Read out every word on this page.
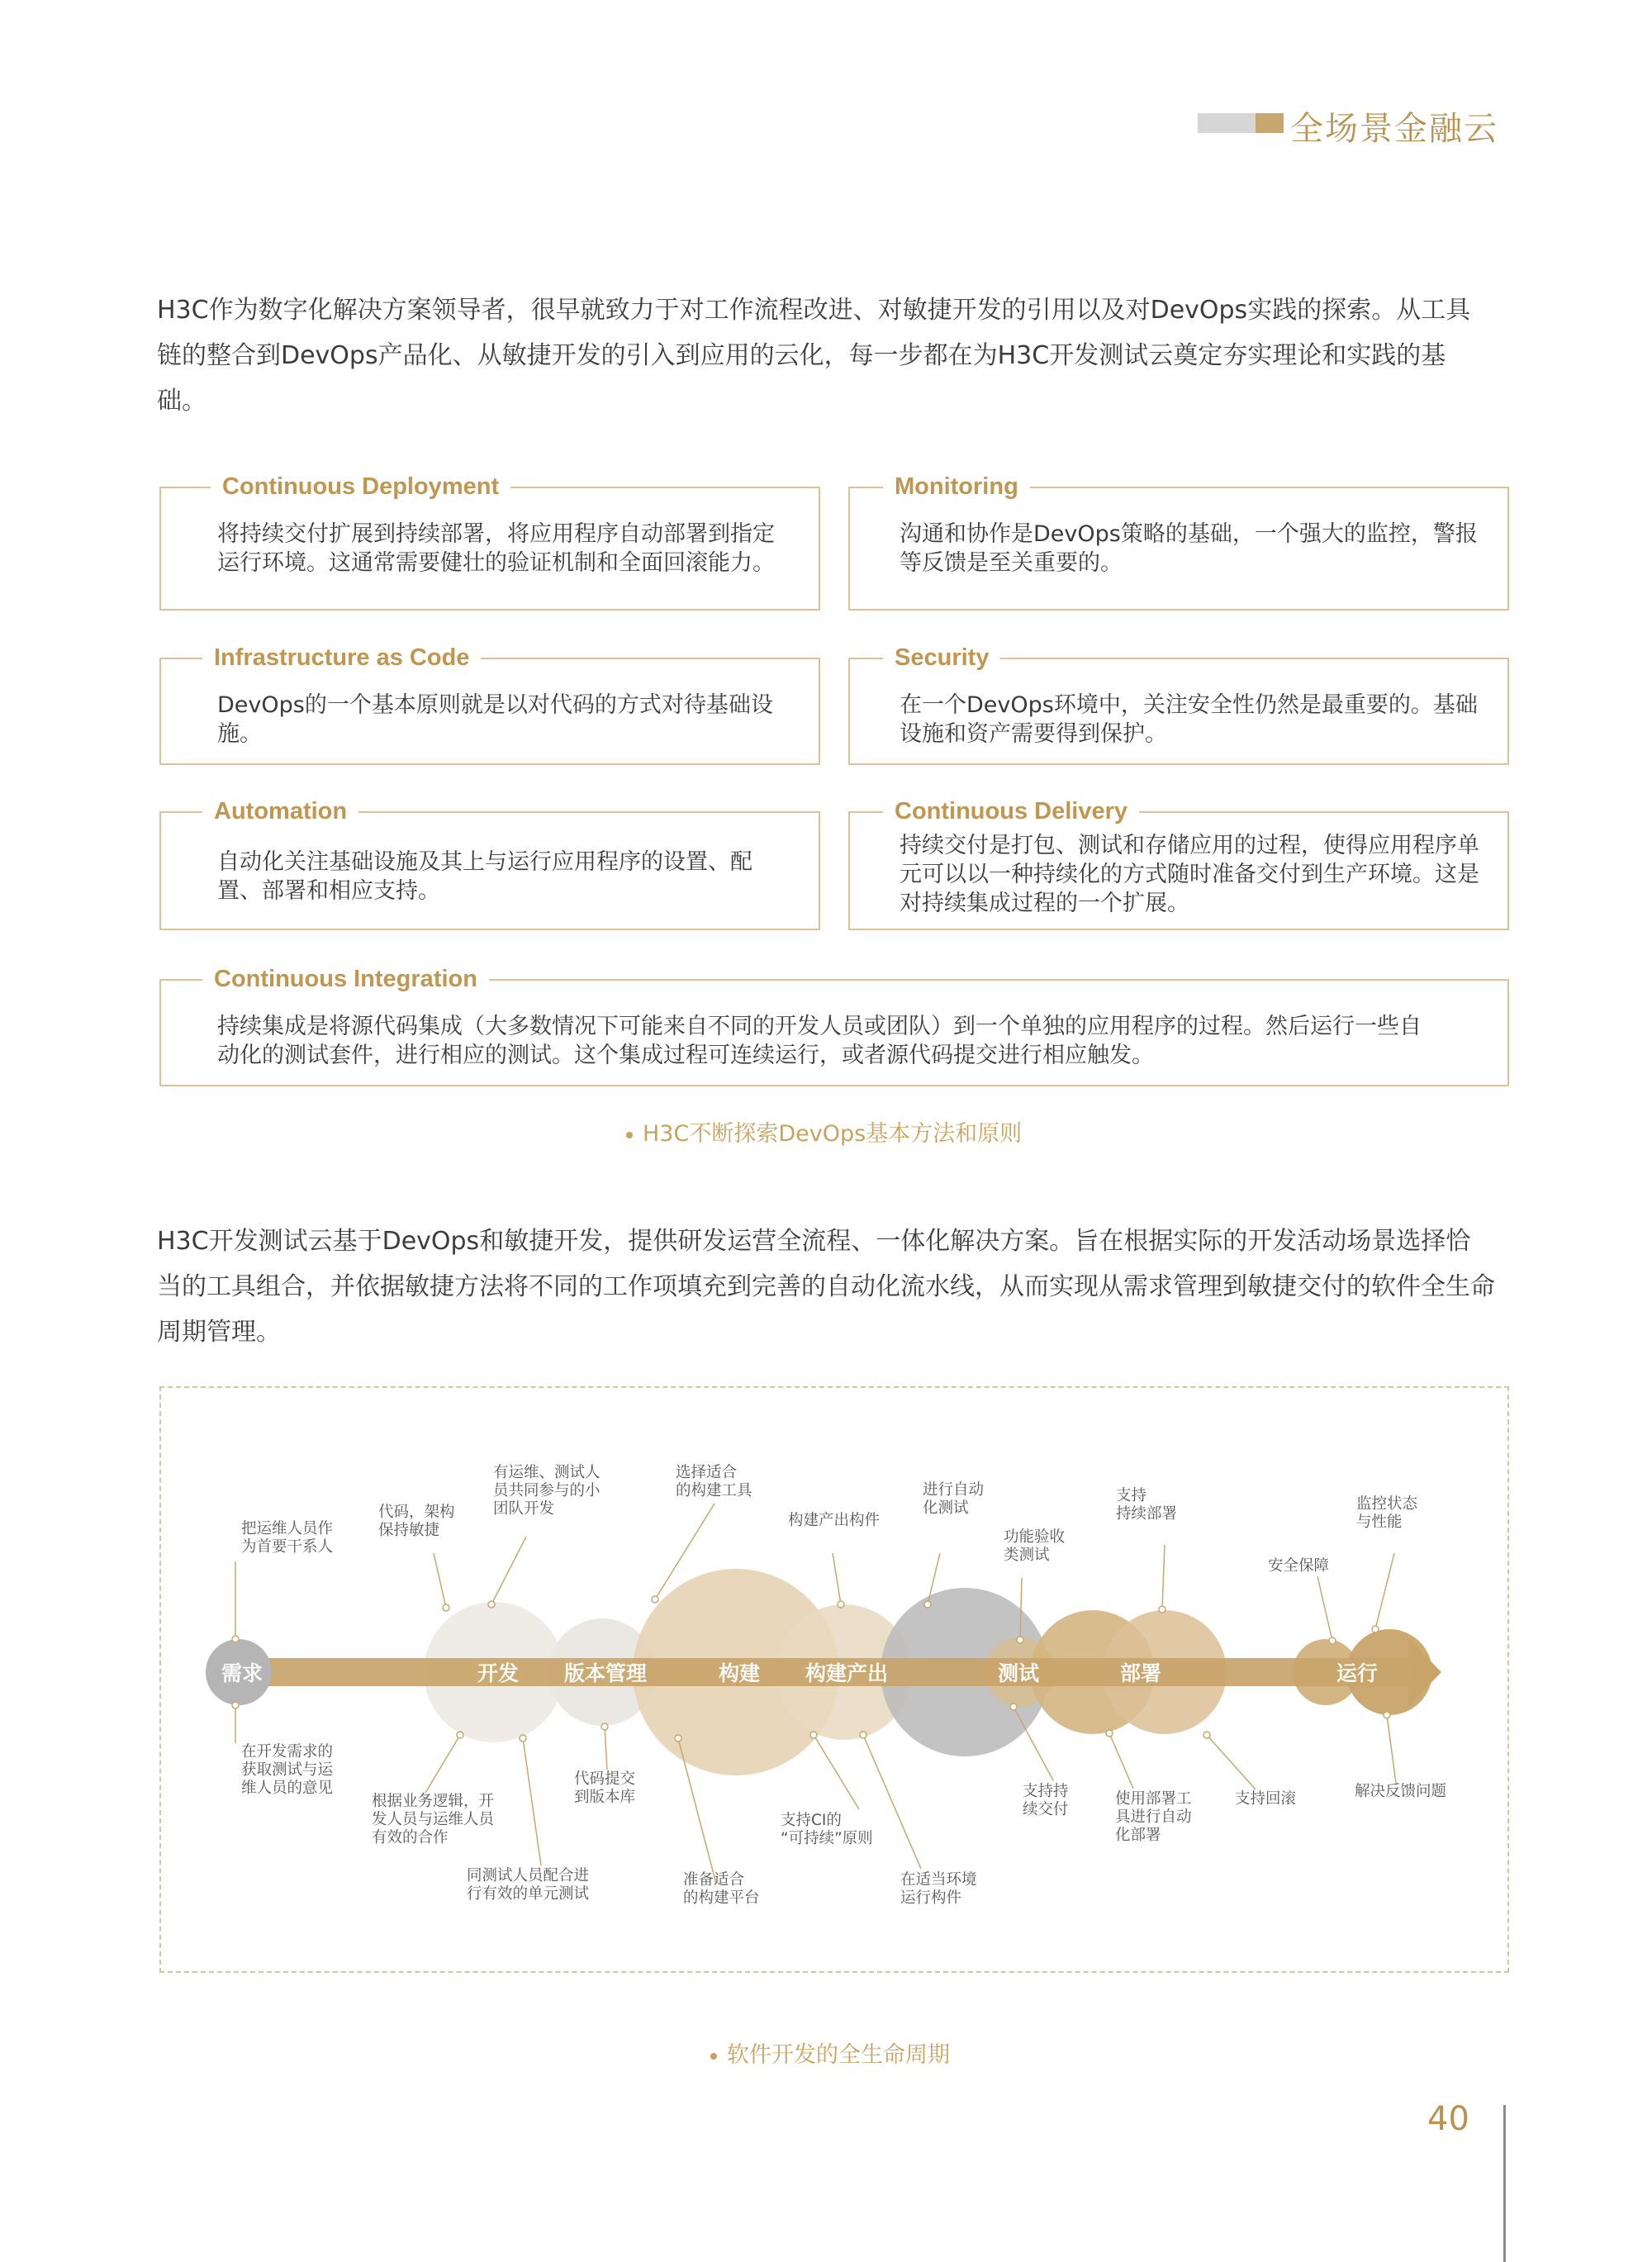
全场景金融云

H3C作为数字化解决方案领导者，很早就致力于对工作流程改进、对敏捷开发的引用以及对DevOps实践的探索。从工具链的整合到DevOps产品化、从敏捷开发的引入到应用的云化，每一步都在为H3C开发测试云奠定夯实理论和实践的基础。

Continuous Deployment

将持续交付扩展到持续部署，将应用程序自动部署到指定运行环境。这通常需要健壮的验证机制和全面回滚能力。

Monitoring

沟通和协作是DevOps策略的基础，一个强大的监控，警报等反馈是至关重要的。

Infrastructure as Code

DevOps的一个基本原则就是以对代码的方式对待基础设施。

Security

在一个DevOps环境中，关注安全性仍然是最重要的。基础设施和资产需要得到保护。

Automation

自动化关注基础设施及其上与运行应用程序的设置、配置、部署和相应支持。

Continuous Delivery

持续交付是打包、测试和存储应用的过程，使得应用程序单元可以以一种持续化的方式随时准备交付到生产环境。这是对持续集成过程的一个扩展。

Continuous Integration

持续集成是将源代码集成（大多数情况下可能来自不同的开发人员或团队）到一个单独的应用程序的过程。然后运行一些自动化的测试套件，进行相应的测试。这个集成过程可连续运行，或者源代码提交进行相应触发。

H3C不断探索DevOps基本方法和原则

H3C开发测试云基于DevOps和敏捷开发，提供研发运营全流程、一体化解决方案。旨在根据实际的开发活动场景选择恰当的工具组合，并依据敏捷方法将不同的工作项填充到完善的自动化流水线，从而实现从需求管理到敏捷交付的软件全生命周期管理。

需求	开发 版本管理	构建 构建产出	测试	部署	运行
把运维人员作
为首要干系人
代码，架构
保持敏捷
有运维、测试人
员共同参与的小
团队开发
选择适合
的构建工具
构建产出构件
进行自动
化测试
功能验收
类测试
支持
持续部署
安全保障
监控状态
与性能
在开发需求的
获取测试与运
维人员的意见
根据业务逻辑，开
发人员与运维人员
有效的合作
同测试人员配合进
行有效的单元测试
代码提交
到版本库
准备适合
的构建平台
支持CI的
“可持续”原则
在适当环境
运行构件
支持持
续交付
使用部署工
具进行自动
化部署
支持回滚	解决反馈问题
软件开发的全生命周期
40
